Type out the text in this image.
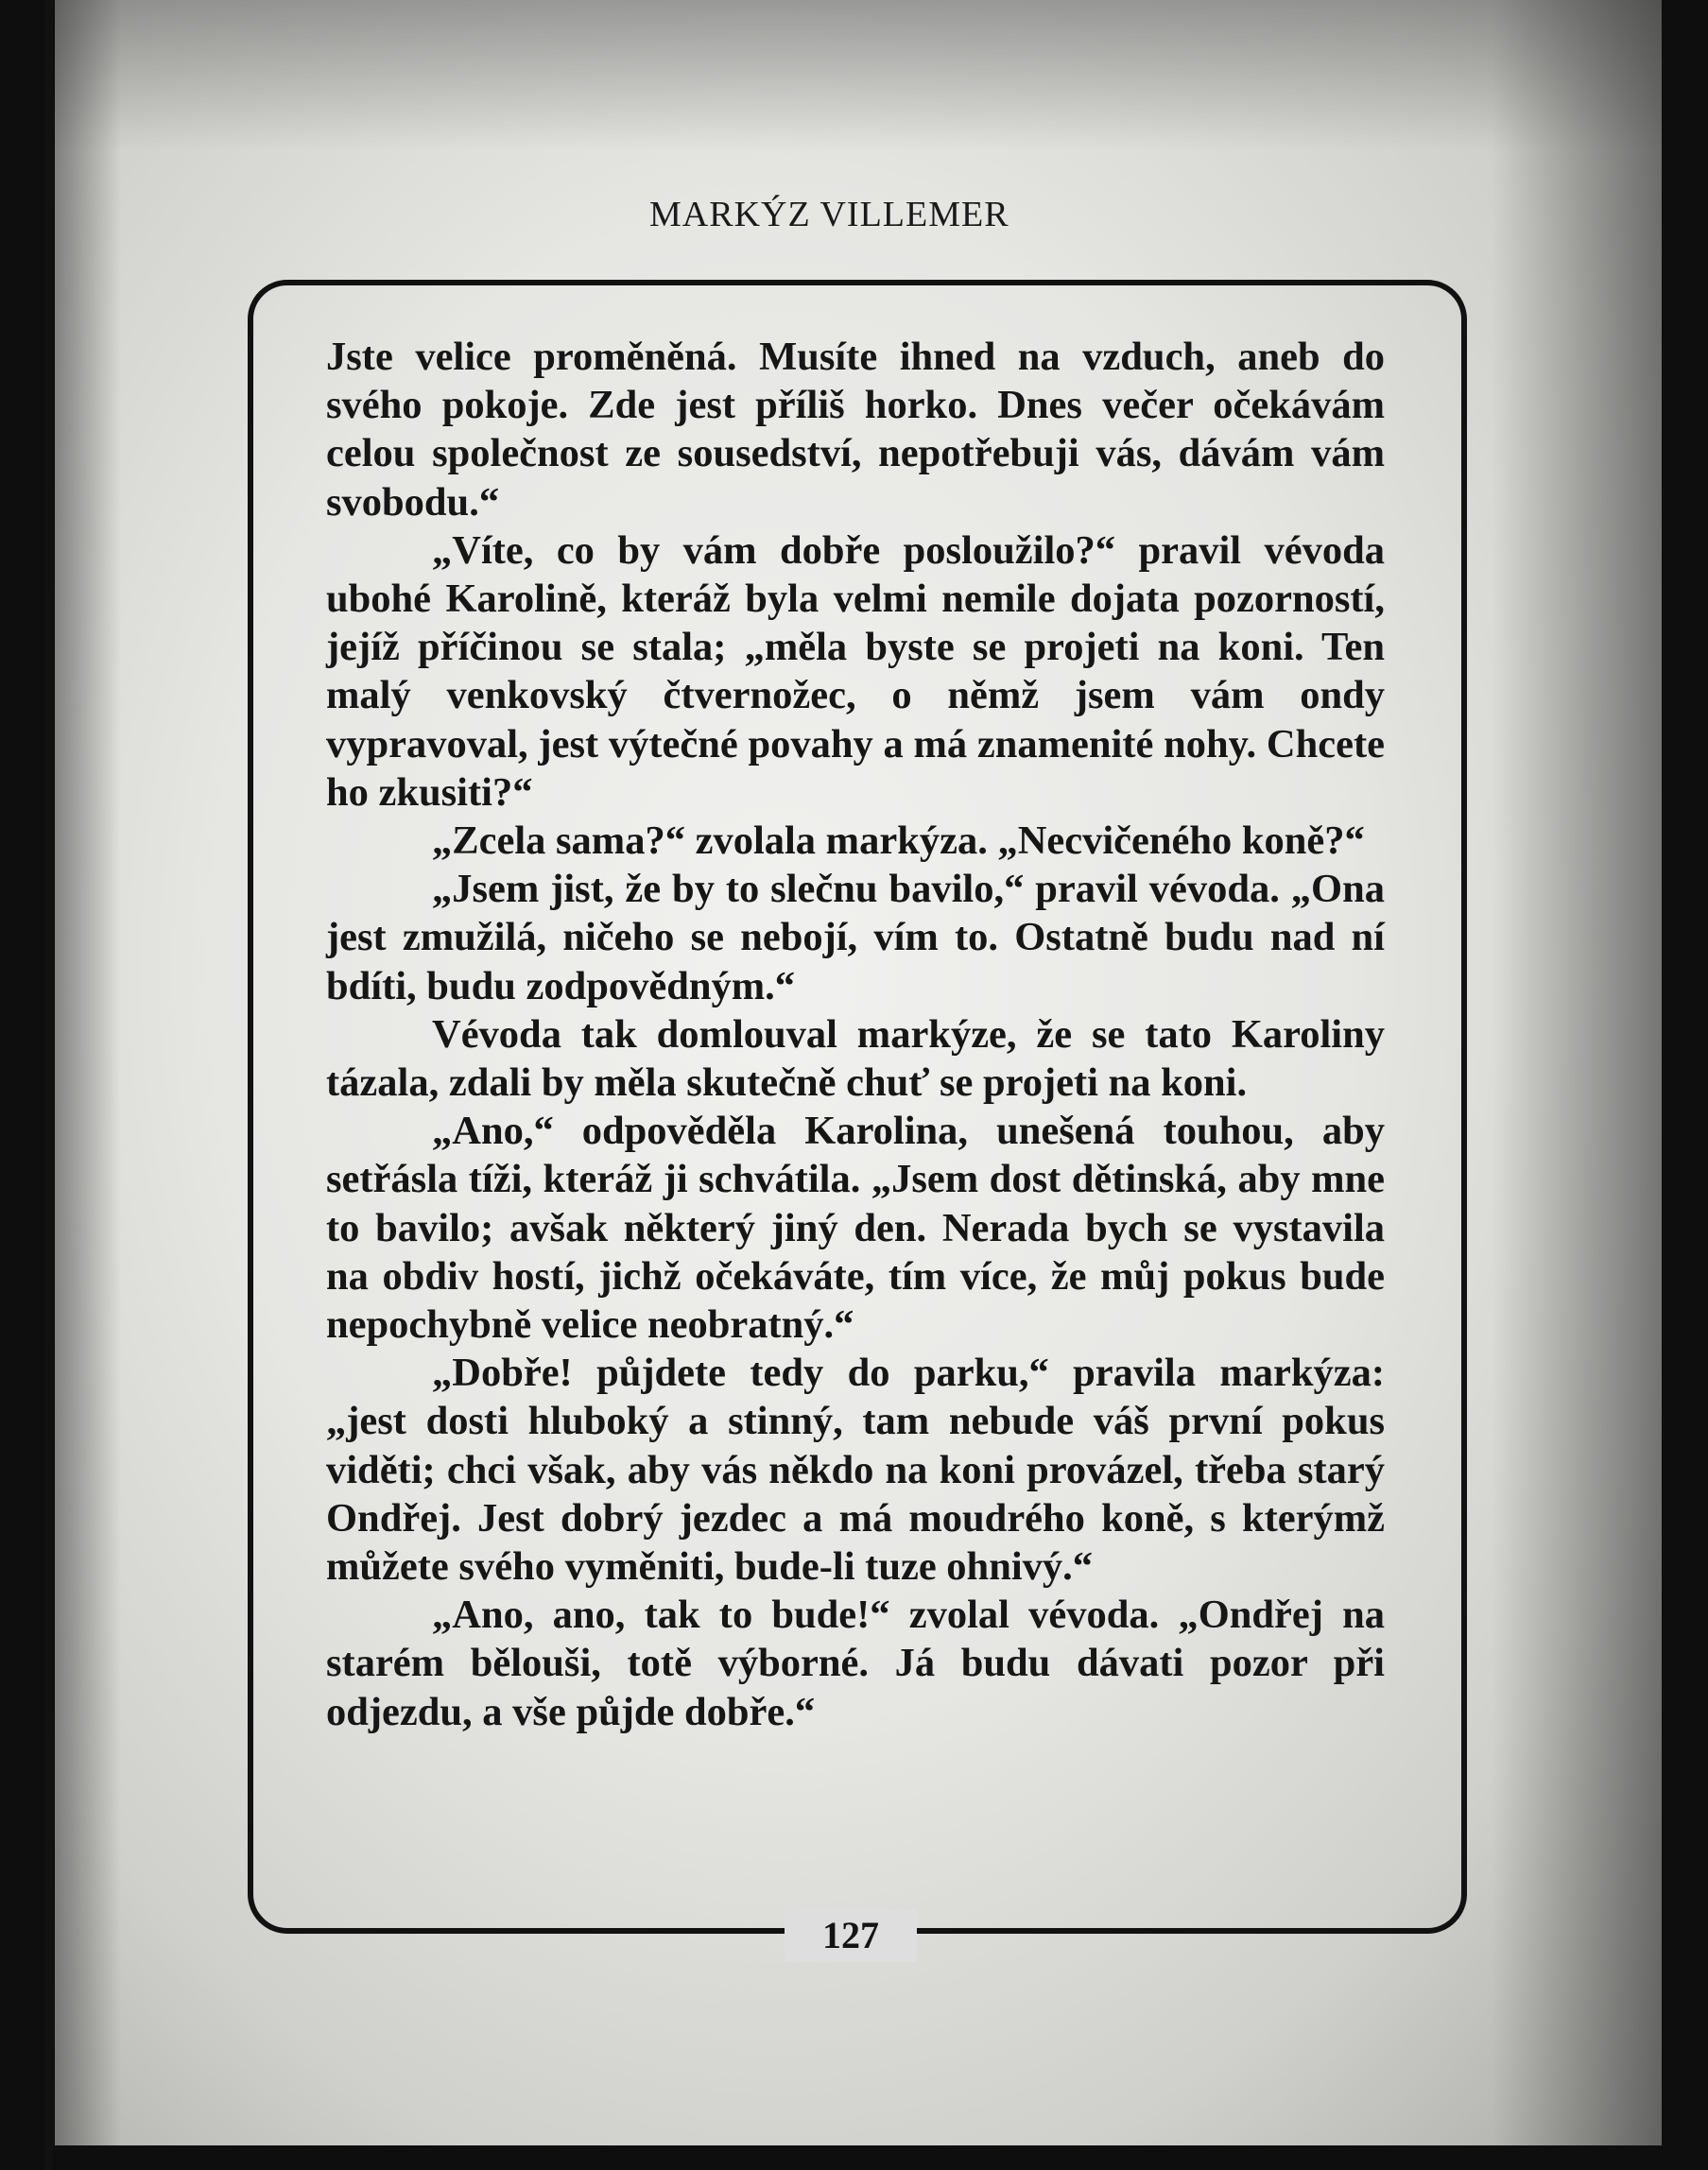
MARKÝZ VILLEMER

Jste velice proměněná. Musíte ihned na vzduch, aneb do svého pokoje. Zde jest příliš horko. Dnes večer očekávám celou společnost ze sousedství, nepotřebuji vás, dávám vám svobodu.“

„Víte, co by vám dobře posloužilo?“ pravil vévoda ubohé Karolině, kteráž byla velmi nemile dojata pozorností, jejíž příčinou se stala; „měla byste se projeti na koni. Ten malý venkovský čtvernožec, o němž jsem vám ondy vypravoval, jest výtečné povahy a má znamenité nohy. Chcete ho zkusiti?“

„Zcela sama?“ zvolala markýza. „Necvičeného koně?“

„Jsem jist, že by to slečnu bavilo,“ pravil vévoda. „Ona jest zmužilá, ničeho se nebojí, vím to. Ostatně budu nad ní bdíti, budu zodpovědným.“

Vévoda tak domlouval markýze, že se tato Karoliny tázala, zdali by měla skutečně chuť se projeti na koni.

„Ano,“ odpověděla Karolina, unešená touhou, aby setřásla tíži, kteráž ji schvátila. „Jsem dost dětinská, aby mne to bavilo; avšak některý jiný den. Nerada bych se vystavila na obdiv hostí, jichž očekáváte, tím více, že můj pokus bude nepochybně velice neobratný.“

„Dobře! půjdete tedy do parku,“ pravila markýza: „jest dosti hluboký a stinný, tam nebude váš první pokus viděti; chci však, aby vás někdo na koni provázel, třeba starý Ondřej. Jest dobrý jezdec a má moudrého koně, s kterýmž můžete svého vyměniti, bude-li tuze ohnivý.“

„Ano, ano, tak to bude!“ zvolal vévoda. „Ondřej na starém bělouši, totě výborné. Já budu dávati pozor při odjezdu, a vše půjde dobře.“

127
